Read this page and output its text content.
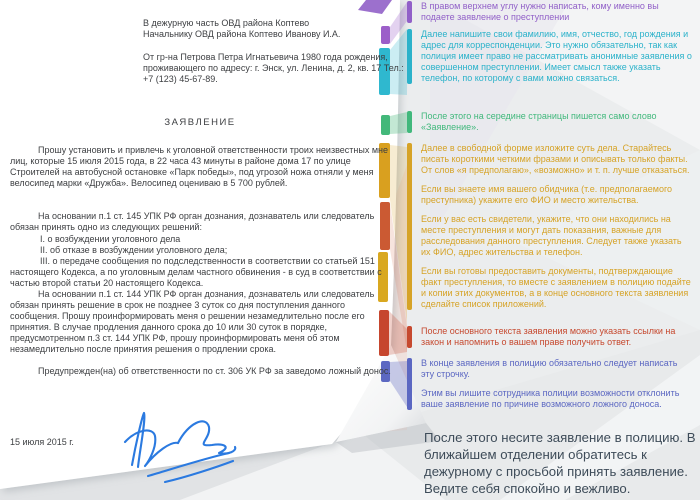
В дежурную часть ОВД района Коптево
Начальнику ОВД района Коптево Иванову И.А.
От гр-на Петрова Петра Игнатьевича 1980 года рождения, проживающего по адресу: г. Энск, ул. Ленина, д. 2, кв. 17 Тел.: +7 (123) 45-67-89.
ЗАЯВЛЕНИЕ

Прошу установить и привлечь к уголовной ответственности троих неизвестных мне лиц, которые 15 июля 2015 года, в 22 часа 43 минуты в районе дома 17 по улице Строителей на автобусной остановке «Парк победы», под угрозой ножа отняли у меня велосипед марки «Дружба». Велосипед оцениваю в 5 700 рублей.

На основании п.1 ст. 145 УПК РФ орган дознания, дознаватель или следователь обязан принять одно из следующих решений:

I. о возбуждении уголовного дела
II. об отказе в возбуждении уголовного дела;
III. о передаче сообщения по подследственности в соответствии со статьей 151 настоящего Кодекса, а по уголовным делам частного обвинения - в суд в соответствии с частью второй статьи 20 настоящего Кодекса.

На основании п.1 ст. 144 УПК РФ орган дознания, дознаватель или следователь обязан принять решение в срок не позднее 3 суток со дня поступления данного сообщения. Прошу проинформировать меня о решении незамедлительно после его принятия. В случае продления данного срока до 10 или 30 суток в порядке, предусмотренном п.3 ст. 144 УПК РФ, прошу проинформировать меня об этом незамедлительно после принятия решения о продлении срока.

Предупрежден(на) об ответственности по ст. 306 УК РФ за заведомо ложный донос.

15 июля 2015 г.

В правом верхнем углу нужно написать, кому именно вы подаете заявление о преступлении

Далее напишите свои фамилию, имя, отчество, год рождения и адрес для корреспонденции. Это нужно обязательно, так как полиция имеет право не рассматривать анонимные заявления о совершенном преступлении. Имеет смысл также указать телефон, по которому с вами можно связаться.

После этого на середине страницы пишется само слово «Заявление».

Далее в свободной форме изложите суть дела. Старайтесь писать короткими четкими фразами и описывать только факты. От слов «я предполагаю», «возможно» и т. п. лучше отказаться.

Если вы знаете имя вашего обидчика (т.е. предполагаемого преступника) укажите его ФИО и место жительства.

Если у вас есть свидетели, укажите, что они находились на месте преступления и могут дать показания, важные для расследования данного преступления. Следует также указать их ФИО, адрес жительства и телефон.

Если вы готовы предоставить документы, подтверждающие факт преступления, то вместе с заявлением в полицию подайте и копии этих документов, а в конце основного текста заявления сделайте список приложений.

После основного текста заявления можно указать ссылки на закон и напомнить о вашем праве получить ответ.

В конце заявления в полицию обязательно следует написать эту строчку.

Этим вы лишите сотрудника полиции возможности отклонить ваше заявление по причине возможного ложного доноса.

После этого несите заявление в полицию. В ближайшем отделении обратитесь к дежурному с просьбой принять заявление. Ведите себя спокойно и вежливо.
